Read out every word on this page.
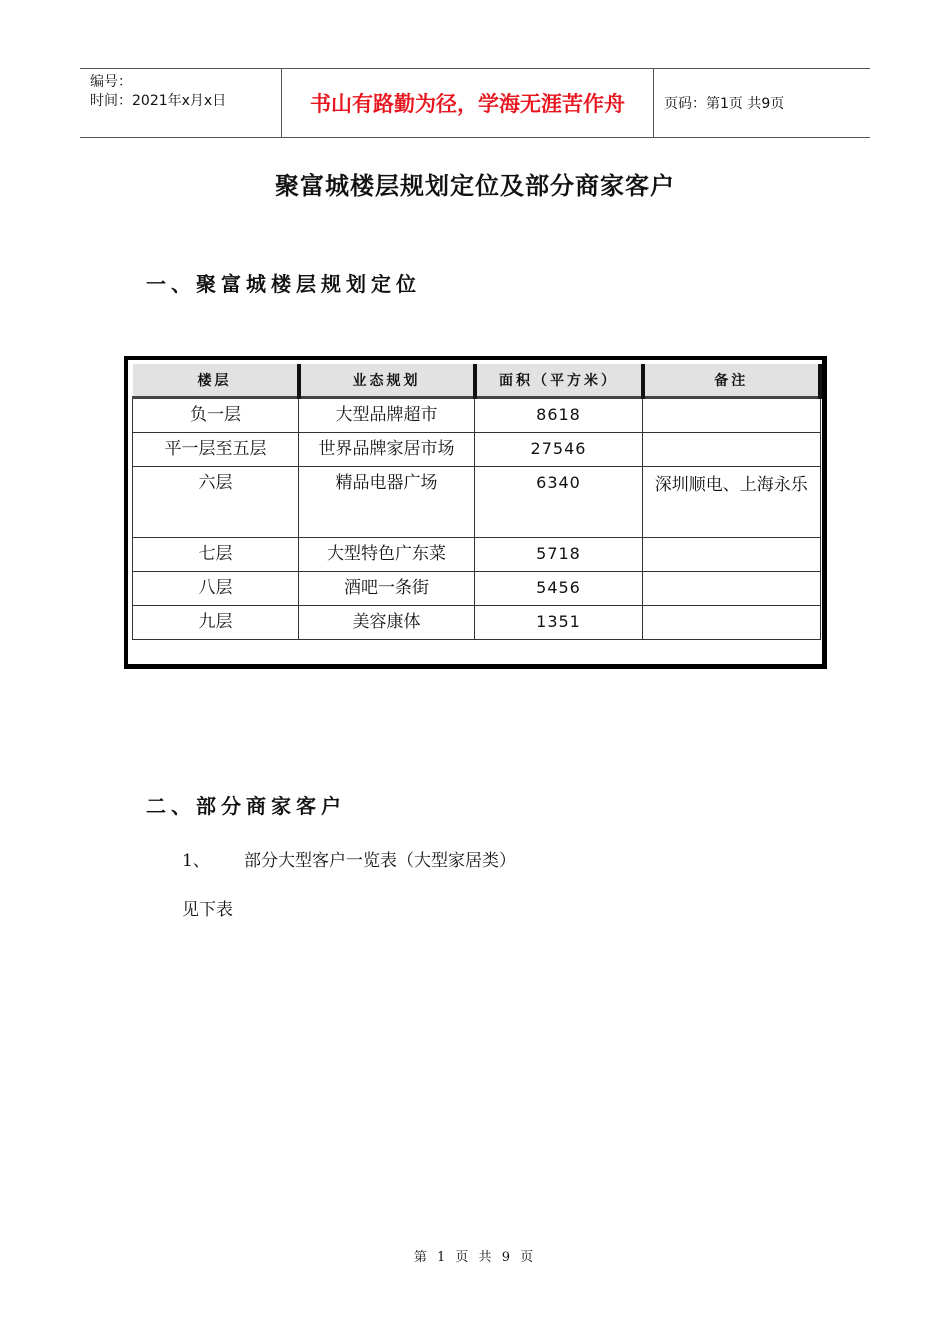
编号：
时间：2021年x月x日	书山有路勤为径，学海无涯苦作舟	页码：第1页 共9页
聚富城楼层规划定位及部分商家客户
一、聚富城楼层规划定位
楼层	业态规划	面积（平方米）	备注
负一层	大型品牌超市	8618	
平一层至五层	世界品牌家居市场	27546	
六层	精品电器广场	6340	深圳顺电、上海永乐
七层	大型特色广东菜	5718	
八层	酒吧一条街	5456	
九层	美容康体	1351	
二、部分商家客户
1、 部分大型客户一览表（大型家居类）
见下表
第 1 页 共 9 页
